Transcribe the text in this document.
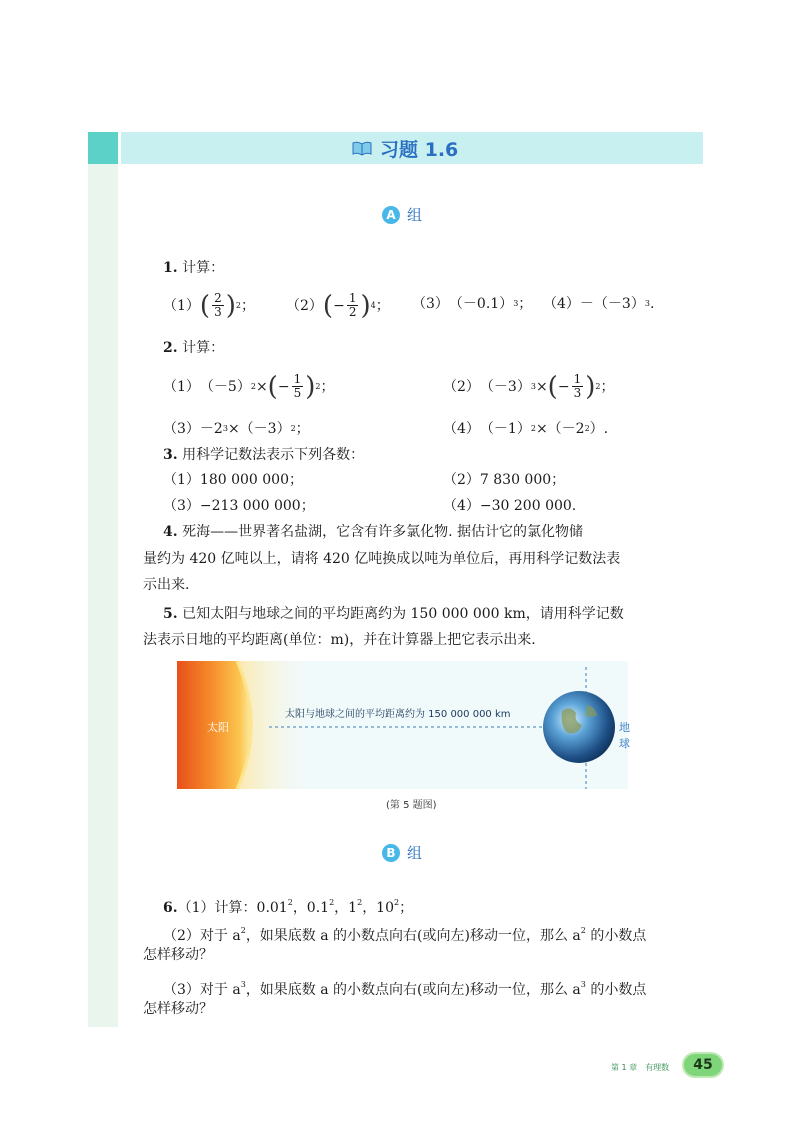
习题 1.6
A 组
1. 计算：
（1） ( $\frac{2}{3}$ ) 2 ； （2） ( − $\frac{1}{2}$ ) 4 ； （3） （－0.1） 3 ； （4） －（－3） 3 .
2. 计算：
（1） （－5） 2 × ( − $\frac{1}{5}$ ) 2 ；	（2） （－3） 3 × ( − $\frac{1}{3}$ ) 2 ；
（3） －2 3 ×（－3） 2 ；	（4） （－1） 2 ×（－2 2 ）.
3. 用科学记数法表示下列各数：
（1）180 000 000；	（2）7 830 000；
（3）−213 000 000；	（4）−30 200 000.
4. 死海——世界著名盐湖，它含有许多氯化物. 据估计它的氯化物储
量约为 420 亿吨以上，请将 420 亿吨换成以吨为单位后，再用科学记数法表
示出来.
5. 已知太阳与地球之间的平均距离约为 150 000 000 km，请用科学记数
法表示日地的平均距离(单位：m)，并在计算器上把它表示出来.
太阳
太阳与地球之间的平均距离约为 150 000 000 km
地球
(第 5 题图)
B 组
6.（1）计算：0.01$^2$，$0.1^2$，$1^2$，$10^2$；
（2）对于 $a^2$，如果底数 a 的小数点向右(或向左)移动一位，那么 $a^2$ 的小数点
怎样移动？
（3）对于 $a^3$，如果底数 a 的小数点向右(或向左)移动一位，那么 $a^3$ 的小数点
怎样移动？
第 1 章　有理数	45
